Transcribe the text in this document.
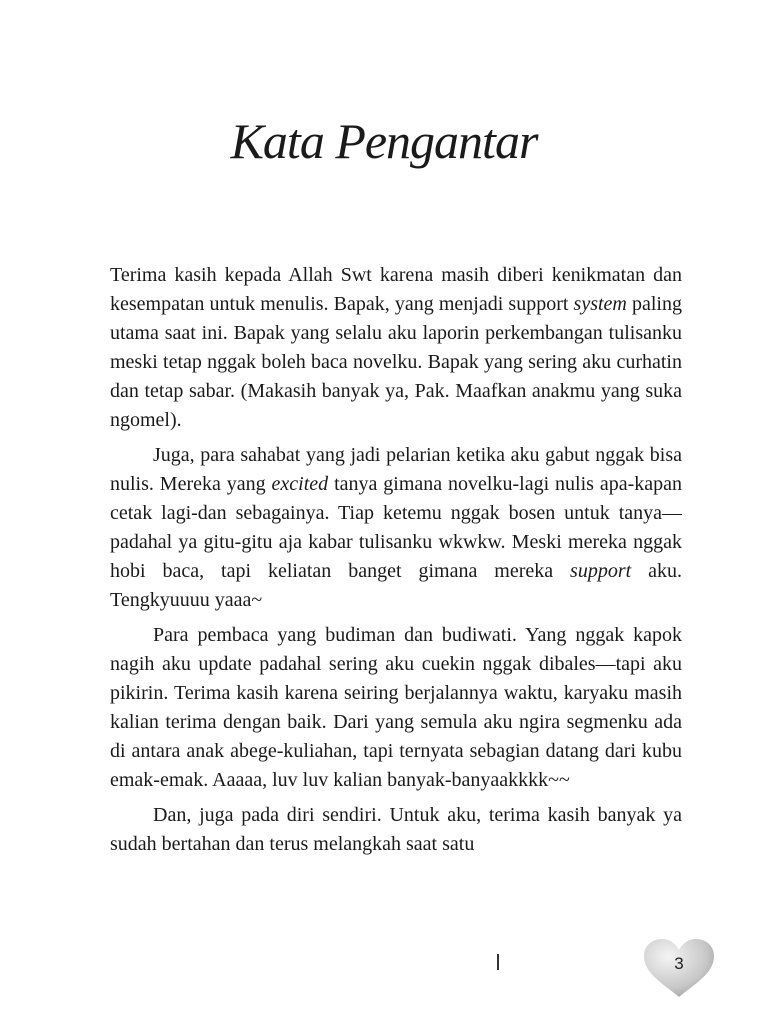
Kata Pengantar

Terima kasih kepada Allah Swt karena masih diberi kenikmatan dan kesempatan untuk menulis. Bapak, yang menjadi support system paling utama saat ini. Bapak yang selalu aku laporin perkembangan tulisanku meski tetap nggak boleh baca novelku. Bapak yang sering aku curhatin dan tetap sabar. (Makasih banyak ya, Pak. Maafkan anakmu yang suka ngomel).

Juga, para sahabat yang jadi pelarian ketika aku gabut nggak bisa nulis. Mereka yang excited tanya gimana novelku-lagi nulis apa-kapan cetak lagi-dan sebagainya. Tiap ketemu nggak bosen untuk tanya—padahal ya gitu-gitu aja kabar tulisanku wkwkw. Meski mereka nggak hobi baca, tapi keliatan banget gimana mereka support aku. Tengkyuuuu yaaa~

Para pembaca yang budiman dan budiwati. Yang nggak kapok nagih aku update padahal sering aku cuekin nggak dibales—tapi aku pikirin. Terima kasih karena seiring berjalannya waktu, karyaku masih kalian terima dengan baik. Dari yang semula aku ngira segmenku ada di antara anak abege-kuliahan, tapi ternyata sebagian datang dari kubu emak-emak. Aaaaa, luv luv kalian banyak-banyaakkkk~~

Dan, juga pada diri sendiri. Untuk aku, terima kasih banyak ya sudah bertahan dan terus melangkah saat satu

3
